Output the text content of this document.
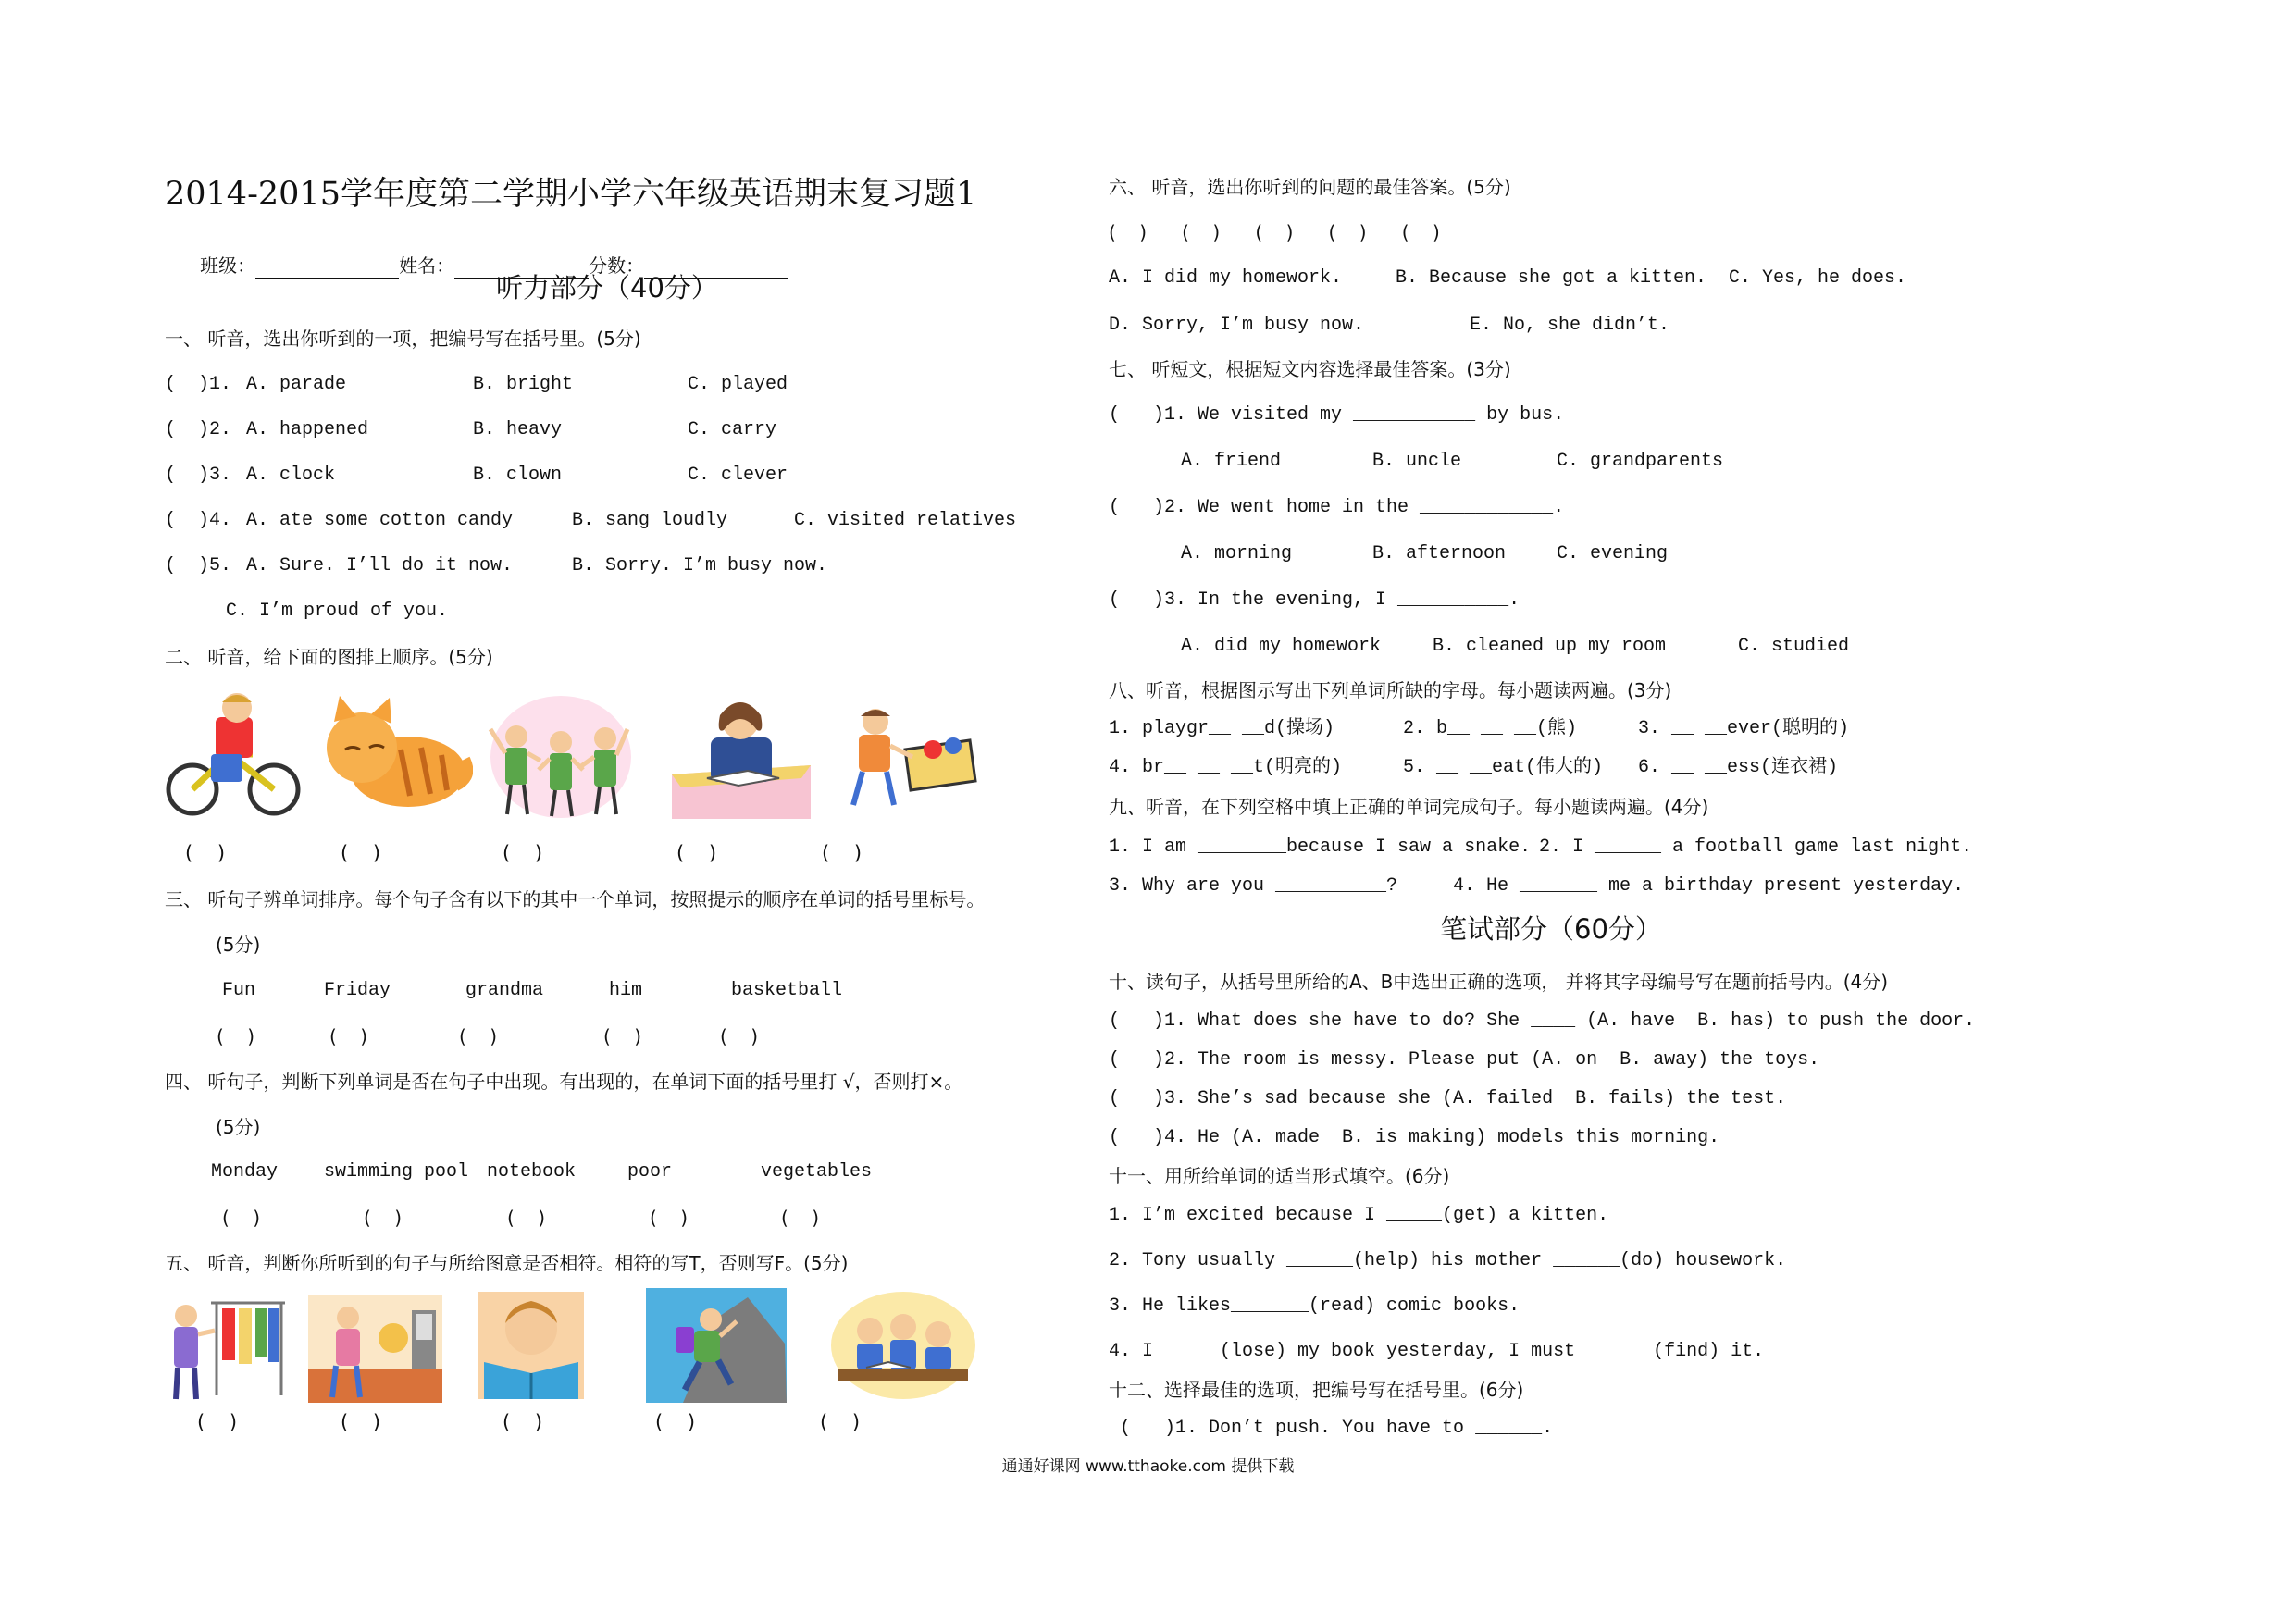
2014-2015学年度第二学期小学六年级英语期末复习题1

班级：	姓名：	分数：

听力部分（40分）
一、 听音，选出你听到的一项，把编号写在括号里。(5分)
(  )1. A. parade	B. bright	C. played
(  )2. A. happened	B. heavy	C. carry
(  )3. A. clock	B. clown	C. clever
(  )4. A. ate some cotton candy	B. sang loudly	C. visited relatives
(  )5. A. Sure. I’ll do it now.	B. Sorry. I’m busy now.
C. I’m proud of you.
二、 听音，给下面的图排上顺序。(5分)
(    )	(    )	(    )	(    )	(    )
三、 听句子辨单词排序。每个句子含有以下的其中一个单词，按照提示的顺序在单词的括号里标号。
(5分)
Fun	Friday	grandma	him	basketball
(    )	(    )	(    )	(    )	(    )
四、 听句子，判断下列单词是否在句子中出现。有出现的，在单词下面的括号里打 √，否则打×。
(5分)
Monday swimming pool notebook	poor	vegetables
(    )	(    )	(    )	(    )	(    )
五、 听音，判断你所听到的句子与所给图意是否相符。相符的写T，否则写F。(5分)
(    )	(    )	(    )	(    )	(    )
六、 听音，选出你听到的问题的最佳答案。(5分)
(    )      (    )      (    )      (    )      (    )
A. I did my homework.	B. Because she got a kitten. C. Yes, he does.
D. Sorry, I’m busy now.	E. No, she didn’t.
七、 听短文，根据短文内容选择最佳答案。(3分)
(   )1. We visited my ___________ by bus.
A. friend	B. uncle	C. grandparents
(   )2. We went home in the ____________.
A. morning	B. afternoon	C. evening
(   )3. In the evening, I __________.
A. did my homework	B. cleaned up my room	C. studied
八、听音，根据图示写出下列单词所缺的字母。每小题读两遍。(3分)
1. playgr__ __d(操场)	2. b__ __ __(熊)	3. __ __ever(聪明的)
4. br__ __ __t(明亮的)	5. __ __eat(伟大的) 6. __ __ess(连衣裙)
九、听音，在下列空格中填上正确的单词完成句子。每小题读两遍。(4分)
1. I am ________because I saw a snake. 2. I ______ a football game last night.
3. Why are you __________?	4. He _______ me a birthday present yesterday.
笔试部分（60分）
十、读句子，从括号里所给的A、B中选出正确的选项， 并将其字母编号写在题前括号内。(4分)
(   )1. What does she have to do? She ____ (A. have  B. has) to push the door.
(   )2. The room is messy. Please put (A. on  B. away) the toys.
(   )3. She’s sad because she (A. failed  B. fails) the test.
(   )4. He (A. made  B. is making) models this morning.
十一、用所给单词的适当形式填空。(6分)
1. I’m excited because I _____(get) a kitten.
2. Tony usually ______(help) his mother ______(do) housework.
3. He likes_______(read) comic books.
4. I _____(lose) my book yesterday, I must _____ (find) it.
十二、选择最佳的选项，把编号写在括号里。(6分)
(   )1. Don’t push. You have to ______.
通通好课网 www.tthaoke.com 提供下载
